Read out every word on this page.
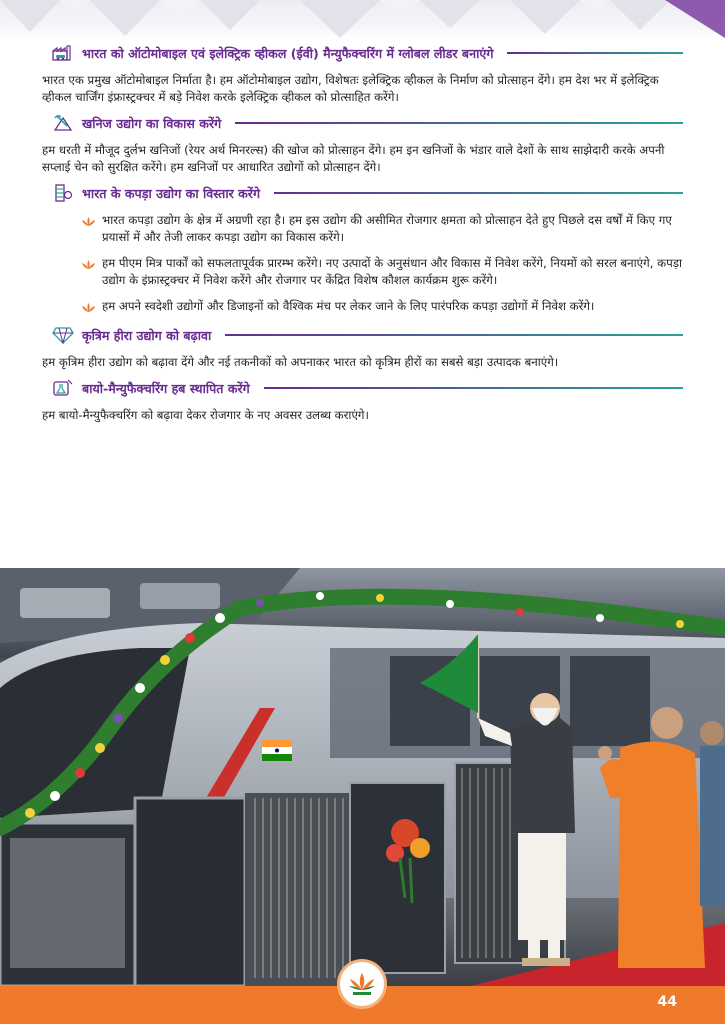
भारत को ऑटोमोबाइल एवं इलेक्ट्रिक व्हीकल (ईवी) मैन्युफैक्चरिंग में ग्लोबल लीडर बनाएंगे

भारत एक प्रमुख ऑटोमोबाइल निर्माता है। हम ऑटोमोबाइल उद्योग, विशेषतः इलेक्ट्रिक व्हीकल के निर्माण को प्रोत्साहन देंगे। हम देश भर में इलेक्ट्रिक व्हीकल चार्जिंग इंफ्रास्ट्रक्चर में बड़े निवेश करके इलेक्ट्रिक व्हीकल को प्रोत्साहित करेंगे।

खनिज उद्योग का विकास करेंगे

हम धरती में मौजूद दुर्लभ खनिजों (रेयर अर्थ मिनरल्स) की खोज को प्रोत्साहन देंगे। हम इन खनिजों के भंडार वाले देशों के साथ साझेदारी करके अपनी सप्लाई चेन को सुरक्षित करेंगे। हम खनिजों पर आधारित उद्योगों को प्रोत्साहन देंगे।

भारत के कपड़ा उद्योग का विस्तार करेंगे
भारत कपड़ा उद्योग के क्षेत्र में अग्रणी रहा है। हम इस उद्योग की असीमित रोजगार क्षमता को प्रोत्साहन देते हुए पिछले दस वर्षों में किए गए प्रयासों में और तेजी लाकर कपड़ा उद्योग का विकास करेंगे।
हम पीएम मित्र पार्कों को सफलतापूर्वक प्रारम्भ करेंगे। नए उत्पादों के अनुसंधान और विकास में निवेश करेंगे, नियमों को सरल बनाएंगे, कपड़ा उद्योग के इंफ्रास्ट्रक्चर में निवेश करेंगे और रोजगार पर केंद्रित विशेष कौशल कार्यक्रम शुरू करेंगे।
हम अपने स्वदेशी उद्योगों और डिजाइनों को वैश्विक मंच पर लेकर जाने के लिए पारंपरिक कपड़ा उद्योगों में निवेश करेंगे।
कृत्रिम हीरा उद्योग को बढ़ावा

हम कृत्रिम हीरा उद्योग को बढ़ावा देंगे और नई तकनीकों को अपनाकर भारत को कृत्रिम हीरों का सबसे बड़ा उत्पादक बनाएंगे।

बायो-मैन्युफैक्चरिंग हब स्थापित करेंगे

हम बायो-मैन्युफैक्चरिंग को बढ़ावा देकर रोजगार के नए अवसर उलब्ध कराएंगे।

44
